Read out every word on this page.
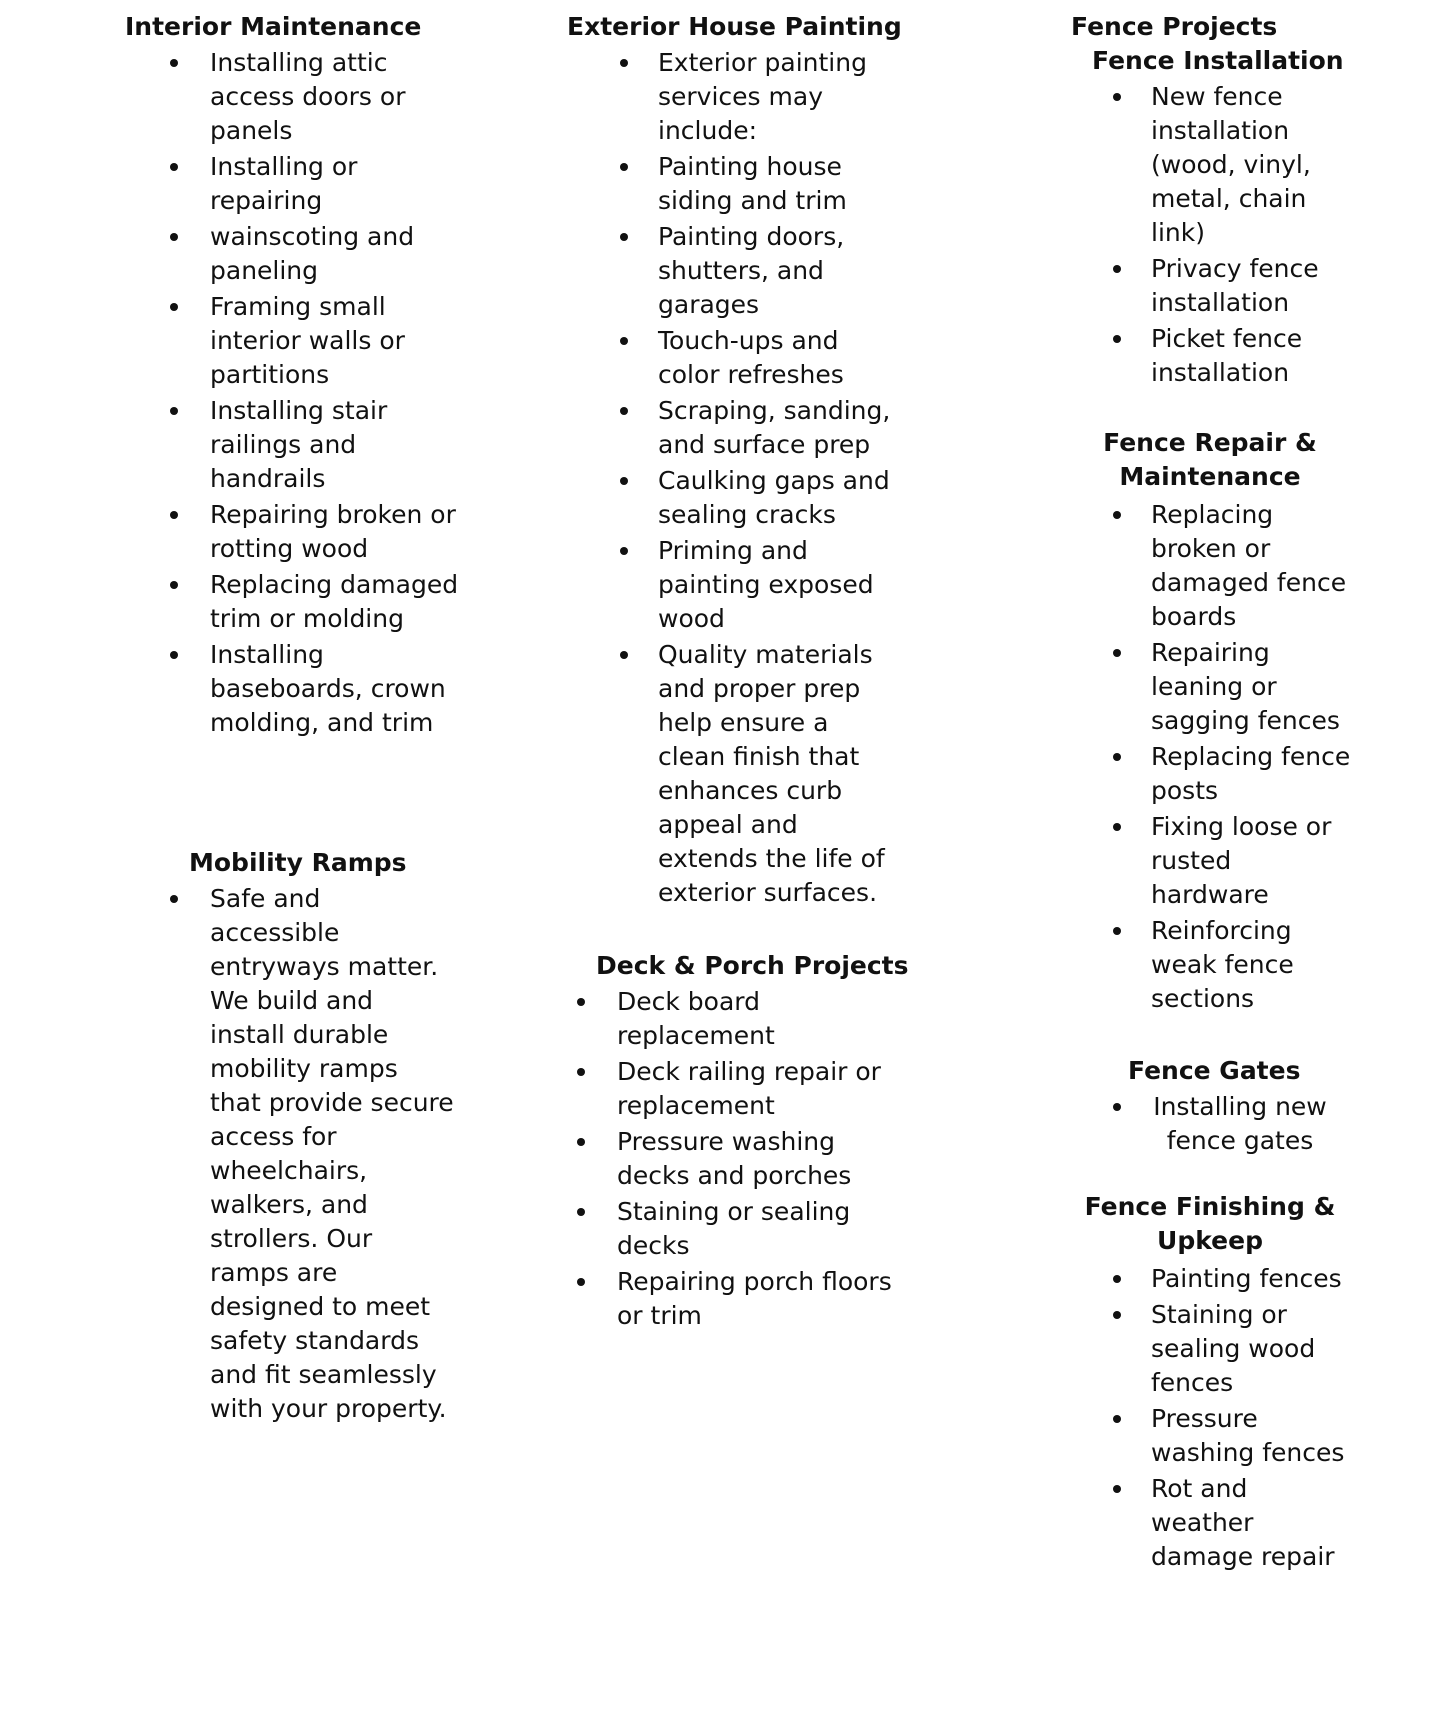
Interior Maintenance
Installing attic access doors or panels
Installing or repairing
wainscoting and paneling
Framing small interior walls or partitions
Installing stair railings and handrails
Repairing broken or rotting wood
Replacing damaged trim or molding
Installing baseboards, crown molding, and trim
Mobility Ramps

Safe and accessible entryways matter. We build and install durable mobility ramps that provide secure access for wheelchairs, walkers, and strollers. Our ramps are designed to meet safety standards and fit seamlessly with your property.

Exterior House Painting
Exterior painting services may include:
Painting house siding and trim
Painting doors, shutters, and garages
Touch-ups and color refreshes
Scraping, sanding, and surface prep
Caulking gaps and sealing cracks
Priming and painting exposed wood
Quality materials and proper prep help ensure a clean finish that enhances curb appeal and extends the life of exterior surfaces.
Deck & Porch Projects
Deck board replacement
Deck railing repair or replacement
Pressure washing decks and porches
Staining or sealing decks
Repairing porch floors or trim
Fence Projects
Fence Installation
New fence installation (wood, vinyl, metal, chain link)
Privacy fence installation
Picket fence installation
Fence Repair &
Maintenance
Replacing broken or damaged fence boards
Repairing leaning or sagging fences
Replacing fence posts
Fixing loose or rusted hardware
Reinforcing weak fence sections
Fence Gates
Installing new fence gates
Fence Finishing &
Upkeep
Painting fences
Staining or sealing wood fences
Pressure washing fences
Rot and weather damage repair
